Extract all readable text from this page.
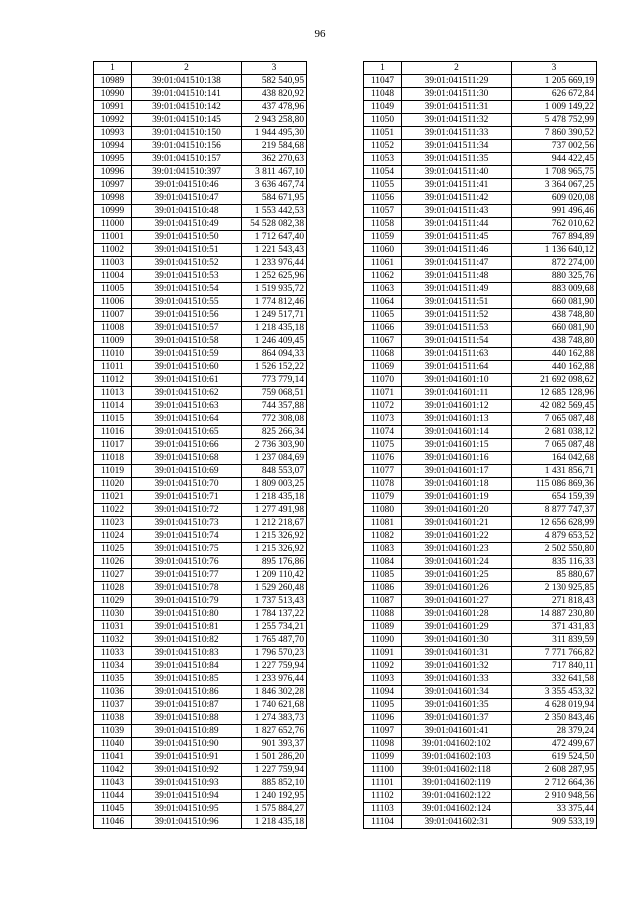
96
1	2	3
10989	39:01:041510:138	582 540,95
10990	39:01:041510:141	438 820,92
10991	39:01:041510:142	437 478,96
10992	39:01:041510:145	2 943 258,80
10993	39:01:041510:150	1 944 495,30
10994	39:01:041510:156	219 584,68
10995	39:01:041510:157	362 270,63
10996	39:01:041510:397	3 811 467,10
10997	39:01:041510:46	3 636 467,74
10998	39:01:041510:47	584 671,95
10999	39:01:041510:48	1 553 442,53
11000	39:01:041510:49	54 528 082,38
11001	39:01:041510:50	1 712 647,40
11002	39:01:041510:51	1 221 543,43
11003	39:01:041510:52	1 233 976,44
11004	39:01:041510:53	1 252 625,96
11005	39:01:041510:54	1 519 935,72
11006	39:01:041510:55	1 774 812,46
11007	39:01:041510:56	1 249 517,71
11008	39:01:041510:57	1 218 435,18
11009	39:01:041510:58	1 246 409,45
11010	39:01:041510:59	864 094,33
11011	39:01:041510:60	1 526 152,22
11012	39:01:041510:61	773 779,14
11013	39:01:041510:62	759 068,51
11014	39:01:041510:63	744 357,88
11015	39:01:041510:64	772 308,08
11016	39:01:041510:65	825 266,34
11017	39:01:041510:66	2 736 303,90
11018	39:01:041510:68	1 237 084,69
11019	39:01:041510:69	848 553,07
11020	39:01:041510:70	1 809 003,25
11021	39:01:041510:71	1 218 435,18
11022	39:01:041510:72	1 277 491,98
11023	39:01:041510:73	1 212 218,67
11024	39:01:041510:74	1 215 326,92
11025	39:01:041510:75	1 215 326,92
11026	39:01:041510:76	895 176,86
11027	39:01:041510:77	1 209 110,42
11028	39:01:041510:78	1 529 260,48
11029	39:01:041510:79	1 737 513,43
11030	39:01:041510:80	1 784 137,22
11031	39:01:041510:81	1 255 734,21
11032	39:01:041510:82	1 765 487,70
11033	39:01:041510:83	1 796 570,23
11034	39:01:041510:84	1 227 759,94
11035	39:01:041510:85	1 233 976,44
11036	39:01:041510:86	1 846 302,28
11037	39:01:041510:87	1 740 621,68
11038	39:01:041510:88	1 274 383,73
11039	39:01:041510:89	1 827 652,76
11040	39:01:041510:90	901 393,37
11041	39:01:041510:91	1 501 286,20
11042	39:01:041510:92	1 227 759,94
11043	39:01:041510:93	885 852,10
11044	39:01:041510:94	1 240 192,95
11045	39:01:041510:95	1 575 884,27
11046	39:01:041510:96	1 218 435,18
1	2	3
11047	39:01:041511:29	1 205 669,19
11048	39:01:041511:30	626 672,84
11049	39:01:041511:31	1 009 149,22
11050	39:01:041511:32	5 478 752,99
11051	39:01:041511:33	7 860 390,52
11052	39:01:041511:34	737 002,56
11053	39:01:041511:35	944 422,45
11054	39:01:041511:40	1 708 965,75
11055	39:01:041511:41	3 364 067,25
11056	39:01:041511:42	609 020,08
11057	39:01:041511:43	991 496,46
11058	39:01:041511:44	762 010,62
11059	39:01:041511:45	767 894,89
11060	39:01:041511:46	1 136 640,12
11061	39:01:041511:47	872 274,00
11062	39:01:041511:48	880 325,76
11063	39:01:041511:49	883 009,68
11064	39:01:041511:51	660 081,90
11065	39:01:041511:52	438 748,80
11066	39:01:041511:53	660 081,90
11067	39:01:041511:54	438 748,80
11068	39:01:041511:63	440 162,88
11069	39:01:041511:64	440 162,88
11070	39:01:041601:10	21 692 098,62
11071	39:01:041601:11	12 685 128,96
11072	39:01:041601:12	42 082 569,45
11073	39:01:041601:13	7 065 087,48
11074	39:01:041601:14	2 681 038,12
11075	39:01:041601:15	7 065 087,48
11076	39:01:041601:16	164 042,68
11077	39:01:041601:17	1 431 856,71
11078	39:01:041601:18	115 086 869,36
11079	39:01:041601:19	654 159,39
11080	39:01:041601:20	8 877 747,37
11081	39:01:041601:21	12 656 628,99
11082	39:01:041601:22	4 879 653,52
11083	39:01:041601:23	2 502 550,80
11084	39:01:041601:24	835 116,33
11085	39:01:041601:25	85 880,67
11086	39:01:041601:26	2 130 925,85
11087	39:01:041601:27	271 818,43
11088	39:01:041601:28	14 887 230,80
11089	39:01:041601:29	371 431,83
11090	39:01:041601:30	311 839,59
11091	39:01:041601:31	7 771 766,82
11092	39:01:041601:32	717 840,11
11093	39:01:041601:33	332 641,58
11094	39:01:041601:34	3 355 453,32
11095	39:01:041601:35	4 628 019,94
11096	39:01:041601:37	2 350 843,46
11097	39:01:041601:41	28 379,24
11098	39:01:041602:102	472 499,67
11099	39:01:041602:103	619 524,50
11100	39:01:041602:118	2 608 287,95
11101	39:01:041602:119	2 712 664,36
11102	39:01:041602:122	2 910 948,56
11103	39:01:041602:124	33 375,44
11104	39:01:041602:31	909 533,19
